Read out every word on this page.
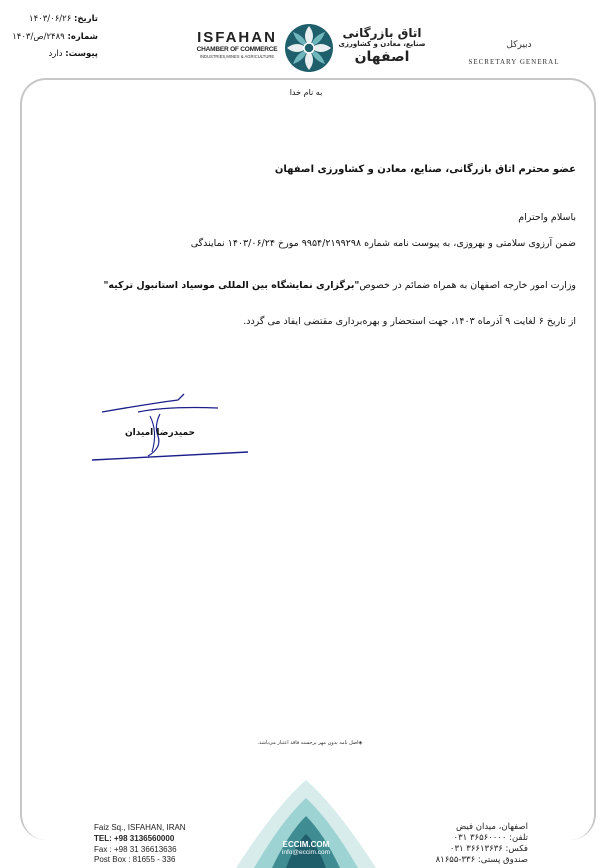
تاریخ: ۱۴۰۳/۰۶/۲۶
شماره: ۲۴۸۹/ص/۱۴۰۳
پیوست: دارد
ISFAHAN
CHAMBER OF COMMERCE
INDUSTRIES,MINES & AGRICULTURE
اتاق بازرگانی
صنایع، معادن و کشاورزی
اصفهان
دبیرکل
SECRETARY GENERAL
به نام خدا
عضو محترم اتاق بازرگانی، صنایع، معادن و کشاورزی اصفهان
باسلام واحترام
ضمن آرزوی سلامتی و بهروزی، به پیوست نامه شماره ۹۹۵۴/۲۱۹۹۲۹۸ مورخ ۱۴۰۳/۰۶/۲۴ نمایندگی
وزارت امور خارجه اصفهان به همراه ضمائم در خصوص"برگزاری نمایشگاه بین المللی موسیاد استانبول ترکیه"
از تاریخ ۶ لغایت ۹ آذرماه ۱۴۰۳، جهت استحضار و بهره‌برداری مقتضی ایفاد می گردد.
حمیدرضا امیدان
◈اصل نامه بدون مهر برجسته فاقد اعتبار می‌باشد.
ECCIM.COM
info@eccim.com
Faiz Sq., ISFAHAN, IRAN
TEL: +98 3136560000
Fax : +98 31 36613636
Post Box : 81655 - 336
اصفهان، میدان فیض
تلفن: ۳۶۵۶۰۰۰۰ ۰۳۱
فکس: ۳۶۶۱۳۶۳۶ ۰۳۱
صندوق پستی: ۳۳۶-۸۱۶۵۵
